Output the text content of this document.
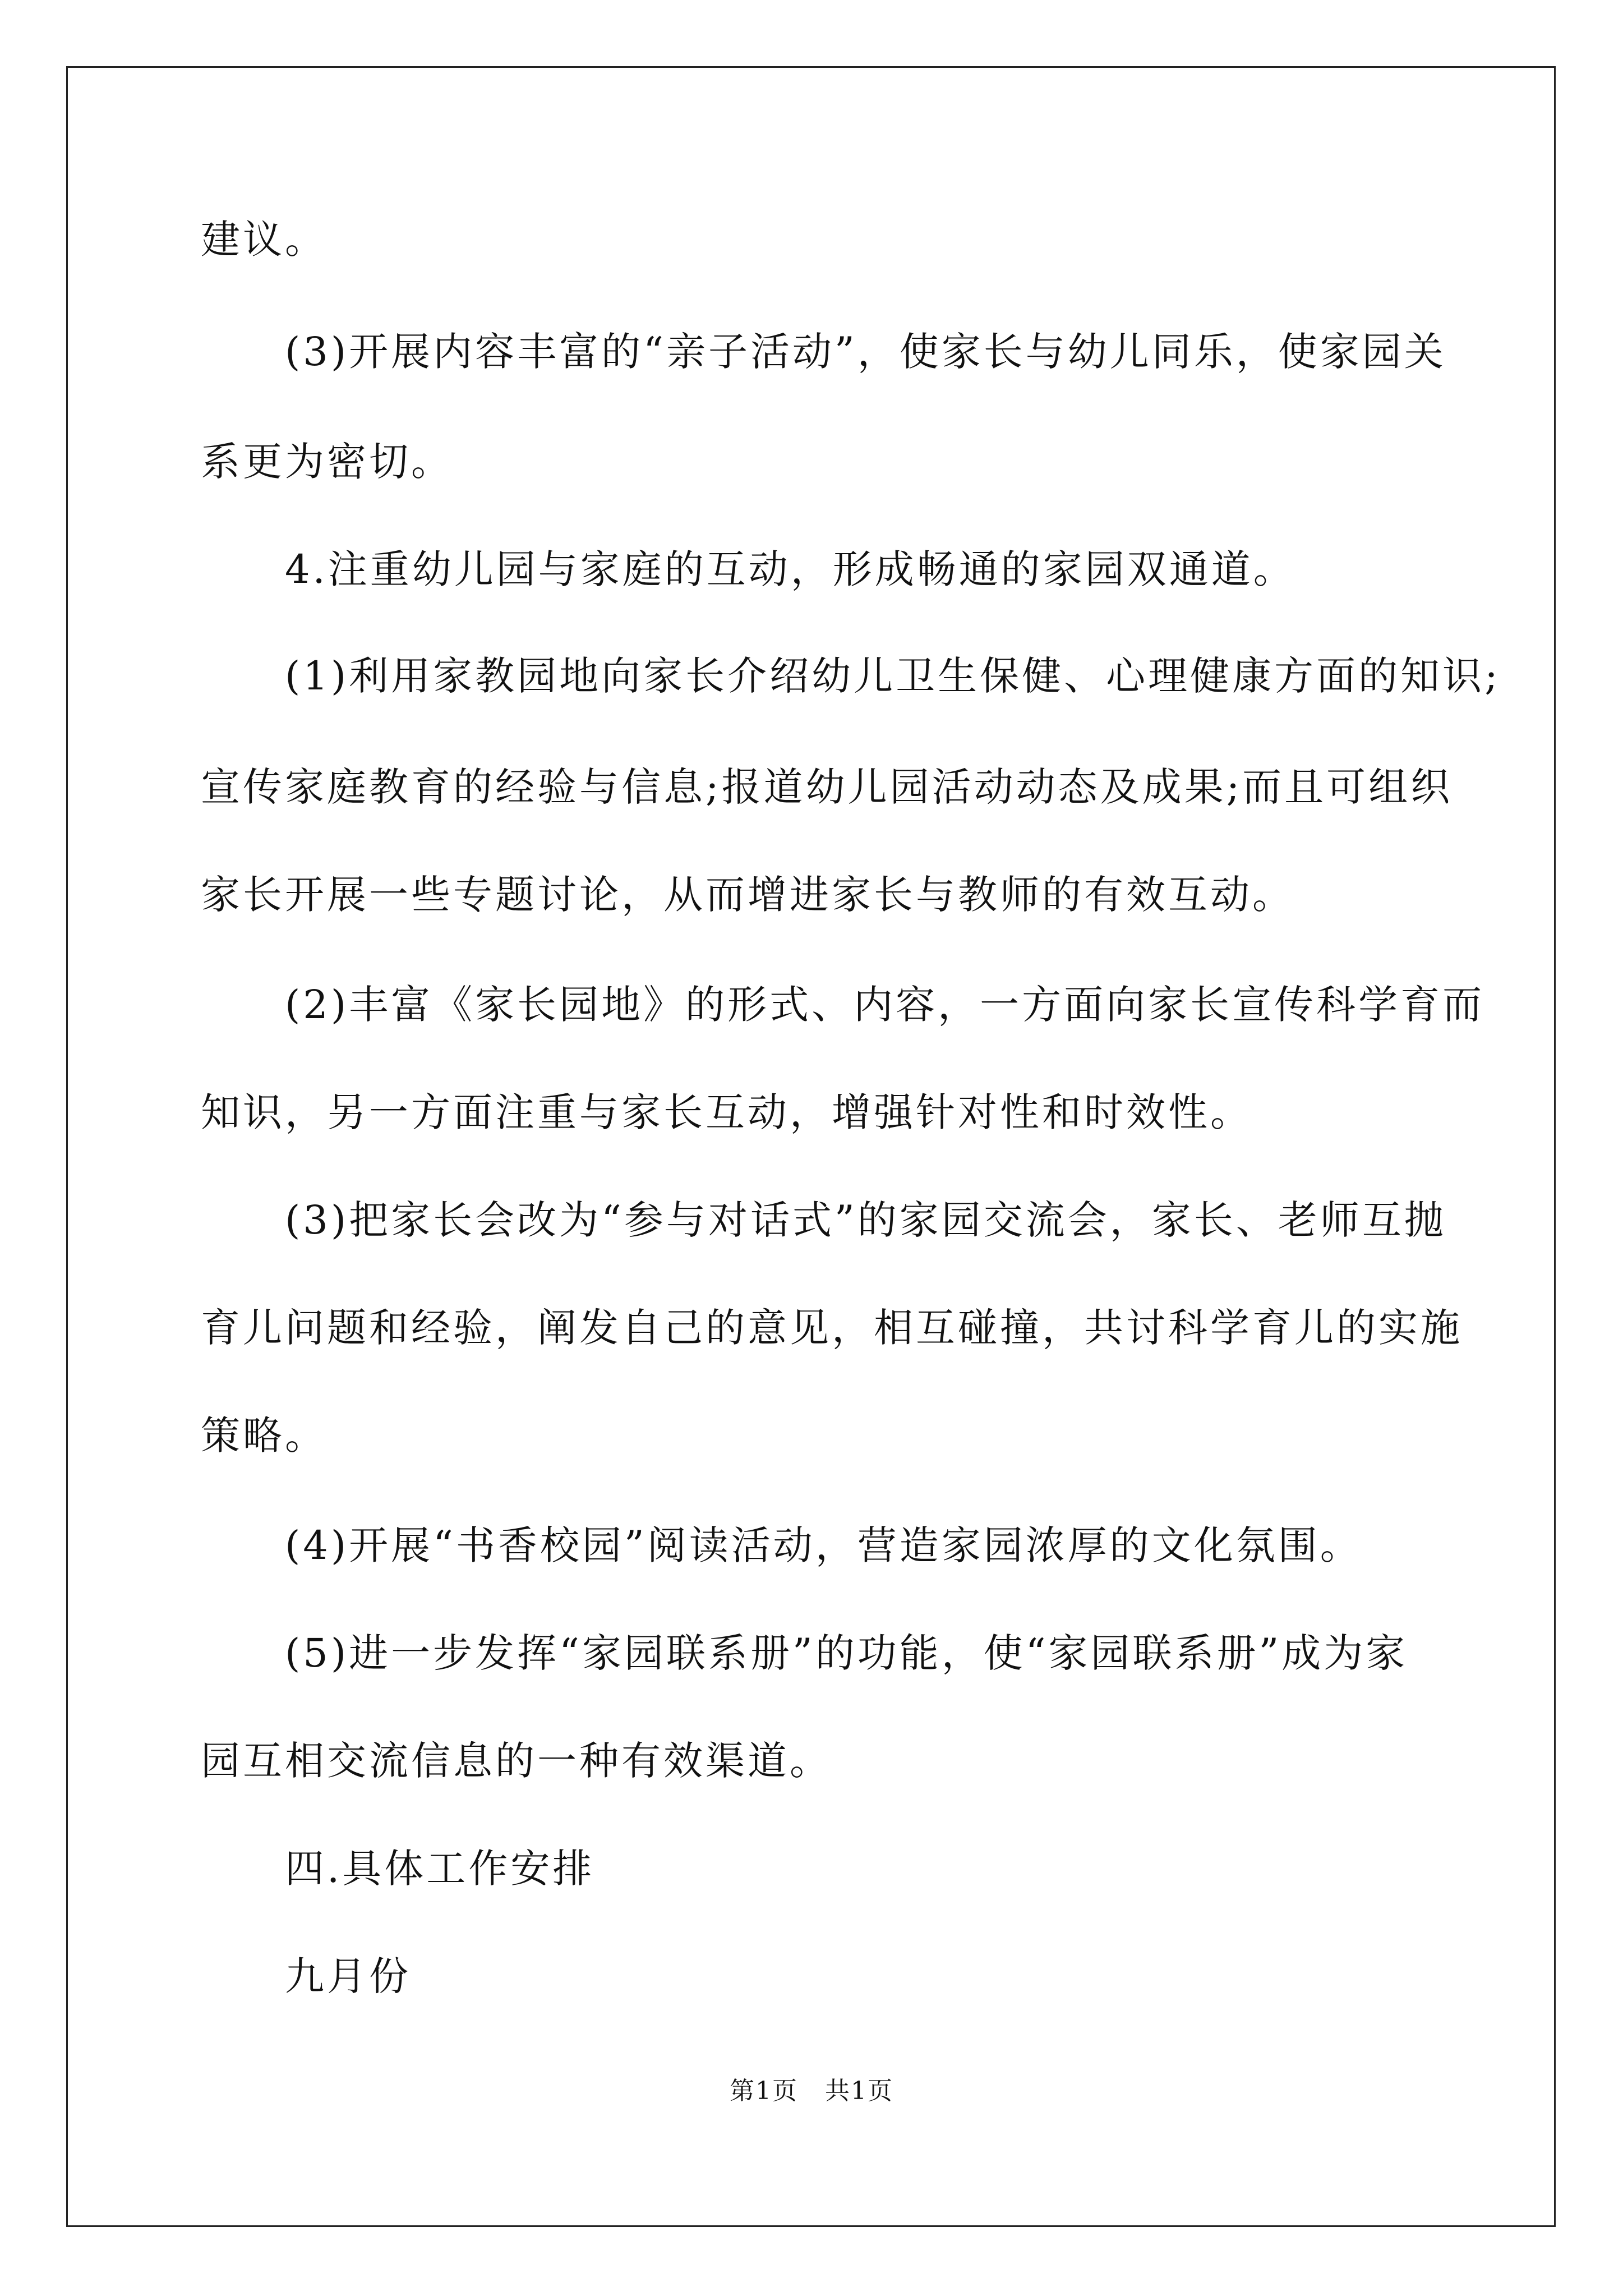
建议。
(3)开展内容丰富的“亲子活动”，使家长与幼儿同乐，使家园关
系更为密切。
4.注重幼儿园与家庭的互动，形成畅通的家园双通道。
(1)利用家教园地向家长介绍幼儿卫生保健、心理健康方面的知识;
宣传家庭教育的经验与信息;报道幼儿园活动动态及成果;而且可组织
家长开展一些专题讨论，从而增进家长与教师的有效互动。
(2)丰富《家长园地》的形式、内容，一方面向家长宣传科学育而
知识，另一方面注重与家长互动，增强针对性和时效性。
(3)把家长会改为“参与对话式”的家园交流会，家长、老师互抛
育儿问题和经验，阐发自己的意见，相互碰撞，共讨科学育儿的实施
策略。
(4)开展“书香校园”阅读活动，营造家园浓厚的文化氛围。
(5)进一步发挥“家园联系册”的功能，使“家园联系册”成为家
园互相交流信息的一种有效渠道。
四.具体工作安排
九月份
第1页   共1页
